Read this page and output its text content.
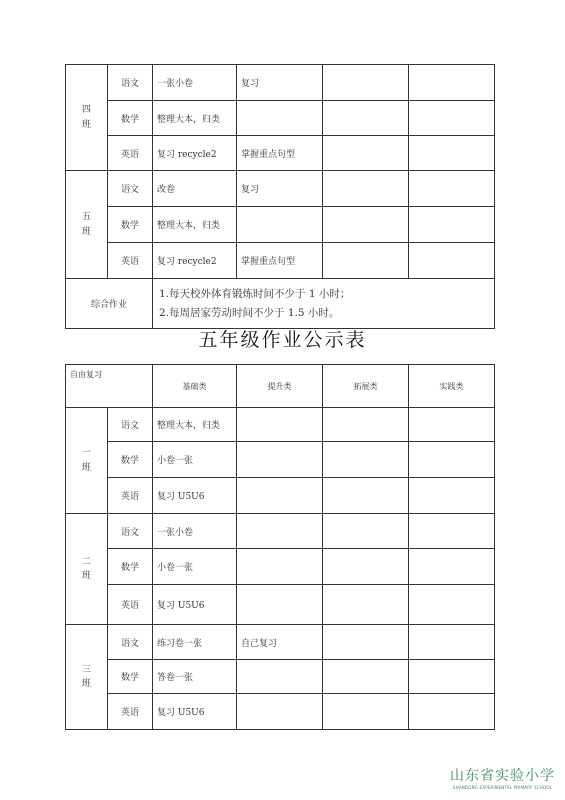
四
班	语文	一张小卷	复习		
	数学	整理大本，归类			
	英语	复习 recycle2	掌握重点句型		

五
班	语文	改卷	复习		
	数学	整理大本，归类			
	英语	复习 recycle2	掌握重点句型		
综合作业		1.每天校外体育锻炼时间不少于 1 小时；
2.每周居家劳动时间不少于 1.5 小时。			
五年级作业公示表
自由复习		基础类	提升类	拓展类	实践类

一
班	语文	整理大本，归类			
	数学	小卷一张			
	英语	复习 U5U6			

二
班	语文	一张小卷			
	数学	小卷一张			
	英语	复习 U5U6			

三
班	语文	练习卷一张	自己复习		
	数学	答卷一张			
	英语	复习 U5U6			
山东省实验小学
SHANDONG EXPERIMENTAL PRIMARY SCHOOL
